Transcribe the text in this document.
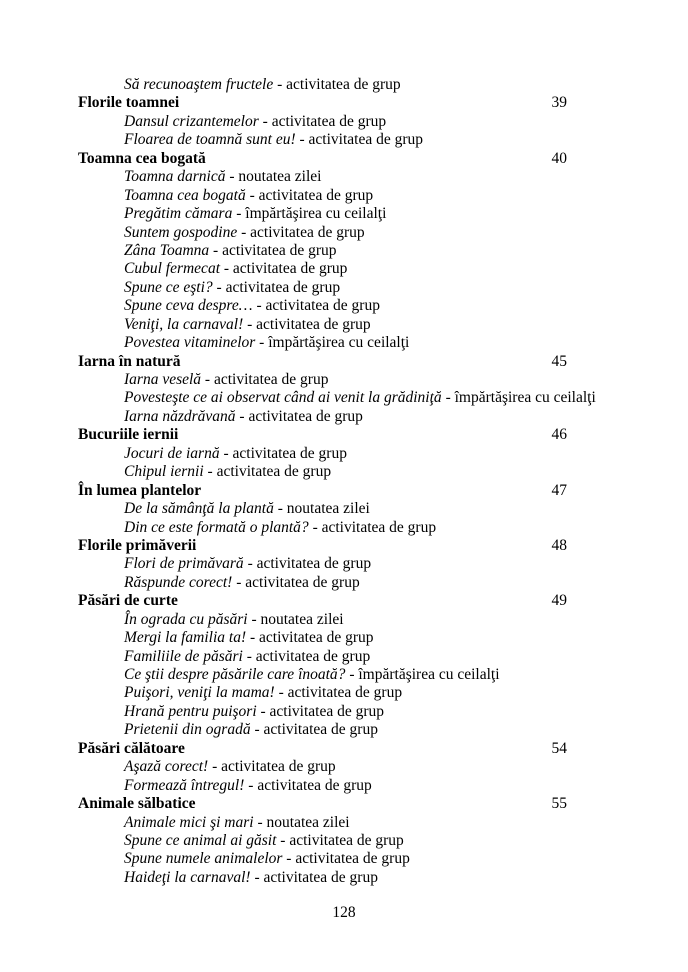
Să recunoaştem fructele - activitatea de grup
Florile toamnei	39
Dansul crizantemelor - activitatea de grup
Floarea de toamnă sunt eu! - activitatea de grup
Toamna cea bogată	40
Toamna darnică - noutatea zilei
Toamna cea bogată - activitatea de grup
Pregătim cămara - împărtăşirea cu ceilalţi
Suntem gospodine - activitatea de grup
Zâna Toamna - activitatea de grup
Cubul fermecat - activitatea de grup
Spune ce eşti? - activitatea de grup
Spune ceva despre… - activitatea de grup
Veniţi, la carnaval! - activitatea de grup
Povestea vitaminelor - împărtăşirea cu ceilalţi
Iarna în natură	45
Iarna veselă - activitatea de grup
Povesteşte ce ai observat când ai venit la grădiniţă - împărtăşirea cu ceilalţi
Iarna năzdrăvană - activitatea de grup
Bucuriile iernii	46
Jocuri de iarnă - activitatea de grup
Chipul iernii - activitatea de grup
În lumea plantelor	47
De la sămânţă la plantă - noutatea zilei
Din ce este formată o plantă? - activitatea de grup
Florile primăverii	48
Flori de primăvară - activitatea de grup
Răspunde corect! - activitatea de grup
Păsări de curte	49
În ograda cu păsări - noutatea zilei
Mergi la familia ta! - activitatea de grup
Familiile de păsări - activitatea de grup
Ce ştii despre păsările care înoată? - împărtăşirea cu ceilalţi
Puişori, veniţi la mama! - activitatea de grup
Hrană pentru puişori - activitatea de grup
Prietenii din ogradă - activitatea de grup
Păsări călătoare	54
Aşază corect! - activitatea de grup
Formează întregul! - activitatea de grup
Animale sălbatice	55
Animale mici şi mari - noutatea zilei
Spune ce animal ai găsit - activitatea de grup
Spune numele animalelor - activitatea de grup
Haideţi la carnaval! - activitatea de grup
128
